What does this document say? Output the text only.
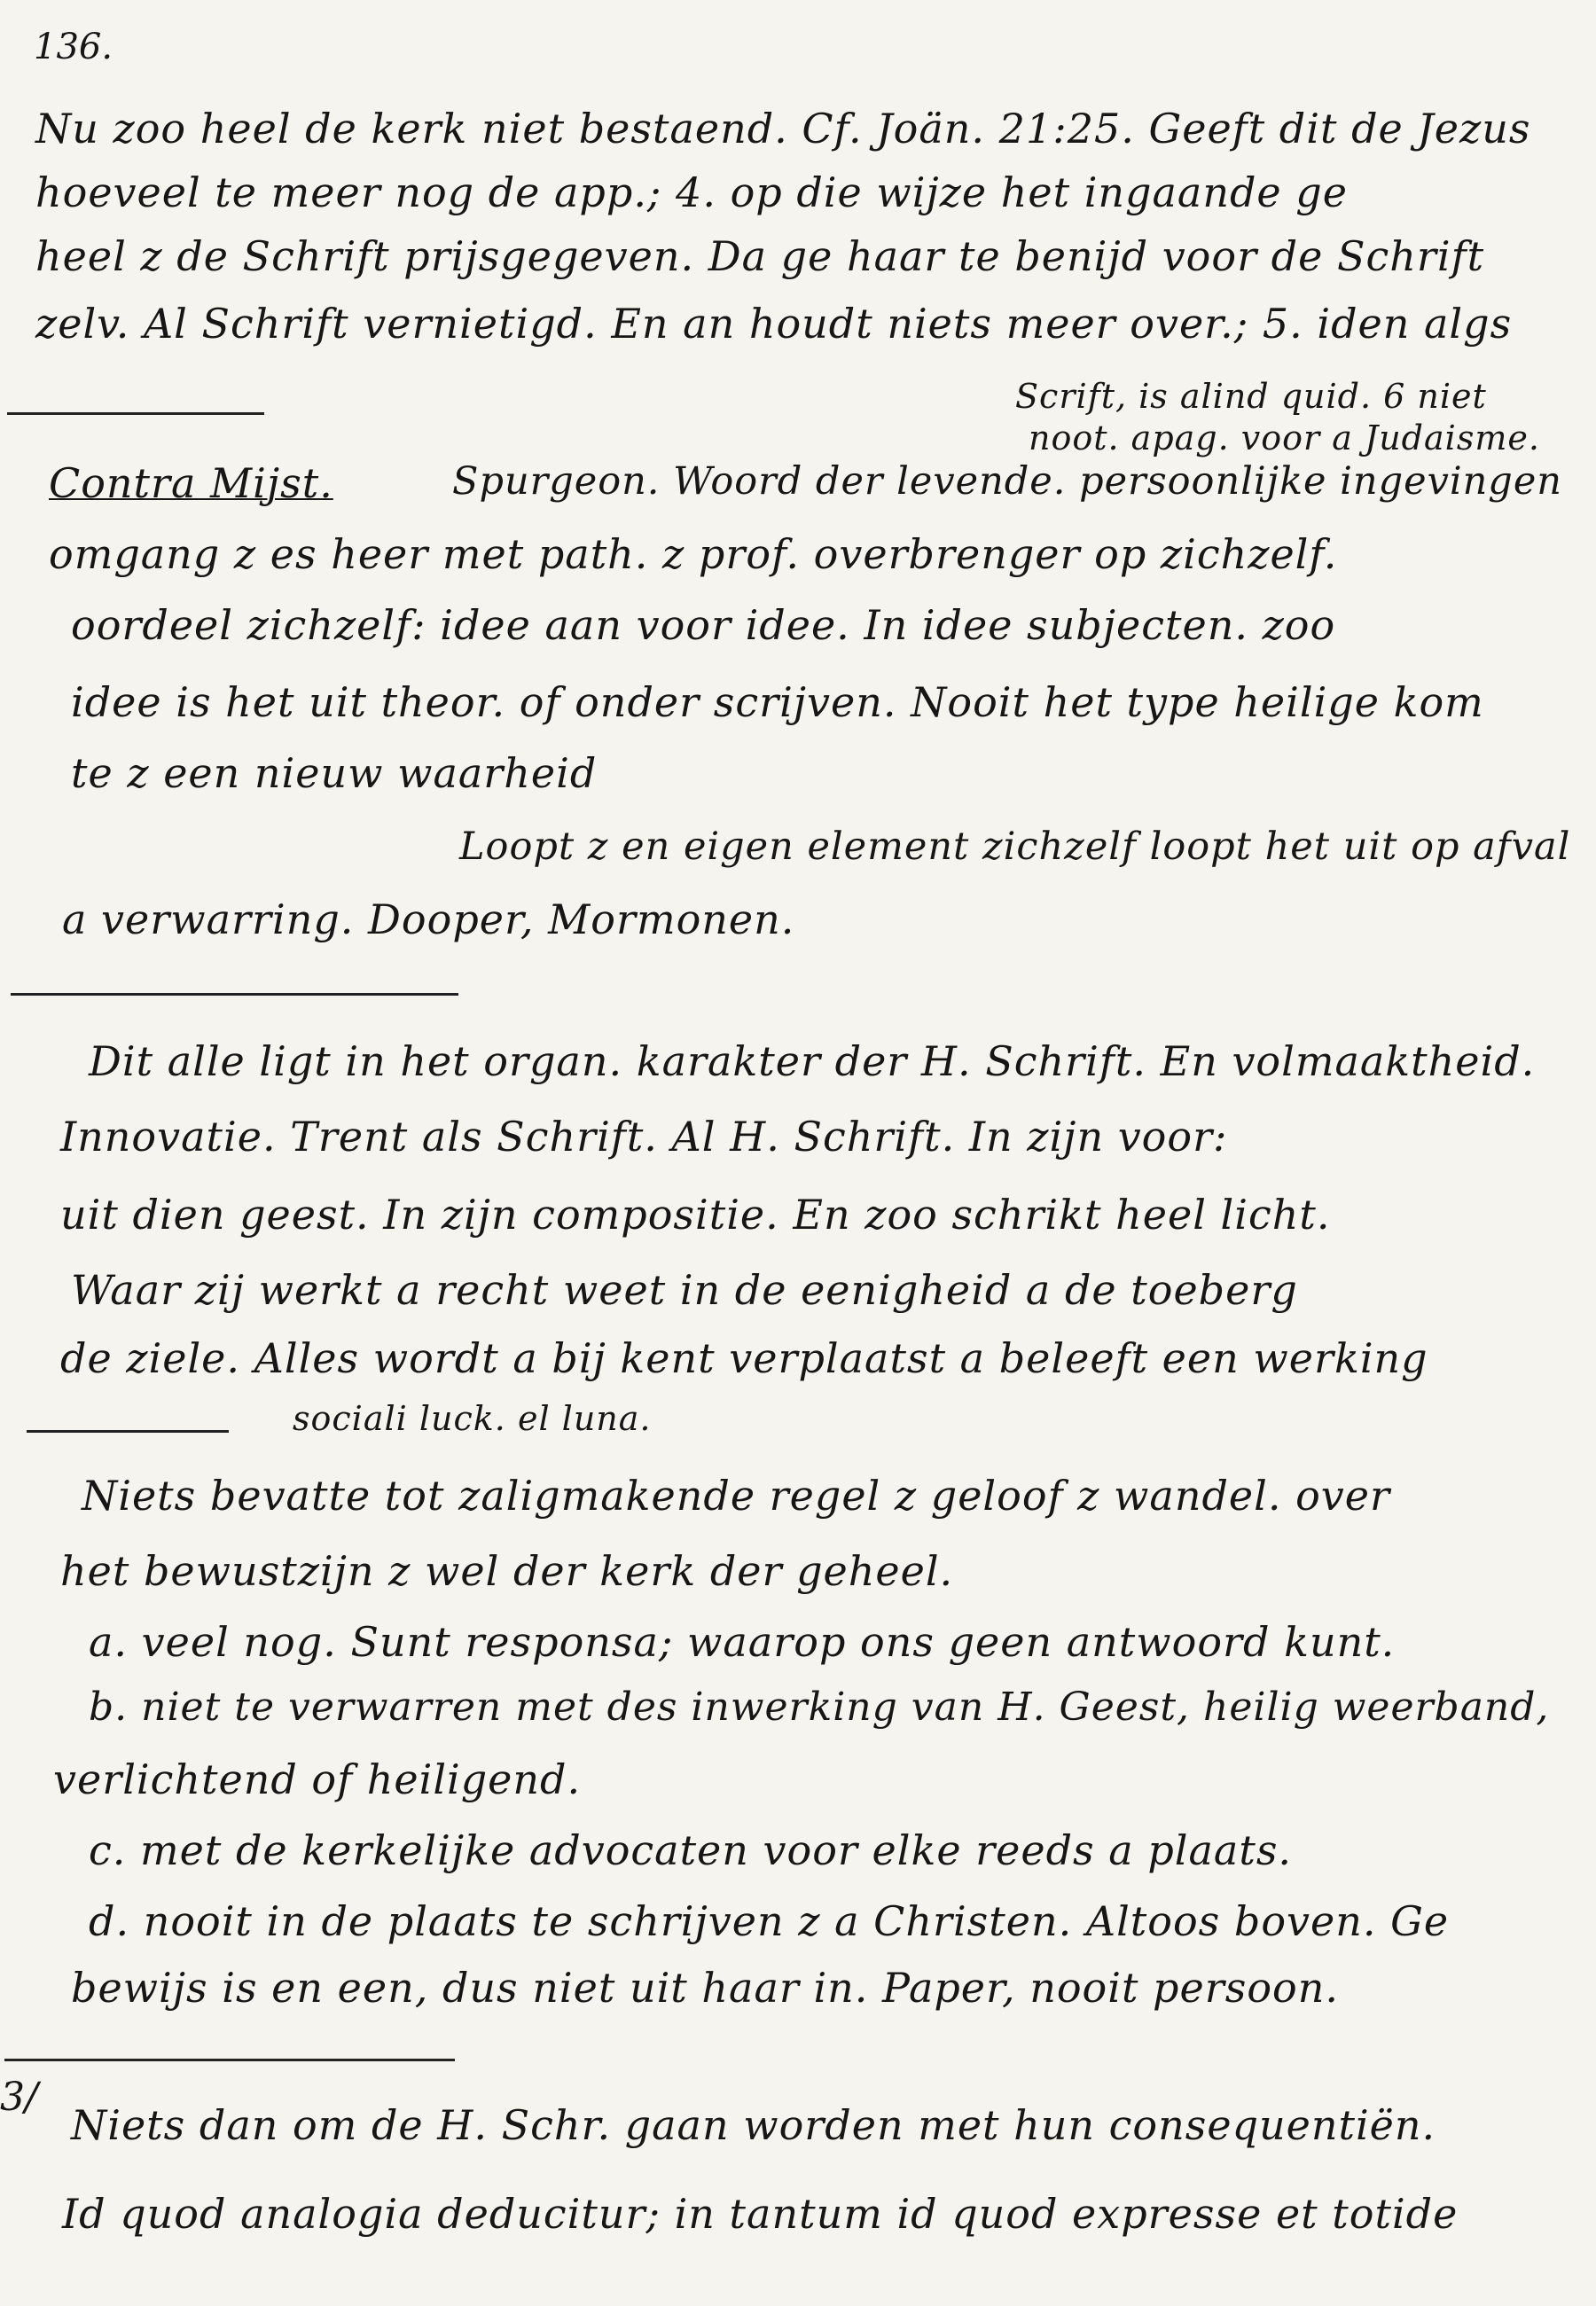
136.
Nu zoo heel de kerk niet bestaend. Cf. Joän. 21:25. Geeft dit de Jezus
hoeveel te meer nog de app.; 4. op die wijze het ingaande ge
heel z de Schrift prijsgegeven. Da ge haar te benijd voor de Schrift
zelv. Al Schrift vernietigd. En an houdt niets meer over.; 5. iden algs
Scrift, is alind quid. 6 niet
noot. apag. voor a Judaisme.
Contra Mijst.	Spurgeon. Woord der levende. persoonlijke ingevingen
omgang z es heer met path. z prof. overbrenger op zichzelf.
oordeel zichzelf: idee aan voor idee. In idee subjecten. zoo
idee is het uit theor. of onder scrijven. Nooit het type heilige kom
te z een nieuw waarheid
Loopt z en eigen element zichzelf loopt het uit op afval
a verwarring. Dooper, Mormonen.
Dit alle ligt in het organ. karakter der H. Schrift. En volmaaktheid.
Innovatie. Trent als Schrift. Al H. Schrift. In zijn voor:
uit dien geest. In zijn compositie. En zoo schrikt heel licht.
Waar zij werkt a recht weet in de eenigheid a de toeberg
de ziele. Alles wordt a bij kent verplaatst a beleeft een werking
sociali luck. el luna.
Niets bevatte tot zaligmakende regel z geloof z wandel. over
het bewustzijn z wel der kerk der geheel.
a. veel nog. Sunt responsa; waarop ons geen antwoord kunt.
b. niet te verwarren met des inwerking van H. Geest, heilig weerband,
verlichtend of heiligend.
c. met de kerkelijke advocaten voor elke reeds a plaats.
d. nooit in de plaats te schrijven z a Christen. Altoos boven. Ge
bewijs is en een, dus niet uit haar in. Paper, nooit persoon.
3/
Niets dan om de H. Schr. gaan worden met hun consequentiën.
Id quod analogia deducitur; in tantum id quod expresse et totide
